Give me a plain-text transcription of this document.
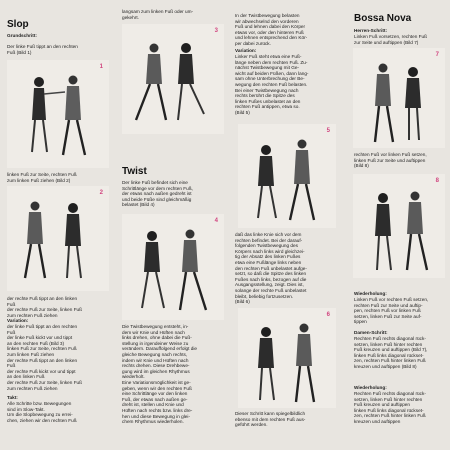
Slop
Grundschritt:
Der linke Fuß tippt an den rechten
Fuß (Bild 1)
1
linken Fuß zur Seite, rechten Fuß
zum linken Fuß ziehen (Bild 2)
2
der rechte Fuß tippt an den linken
Fuß
der rechte Fuß zur Seite, linken Fuß
zum rechten Fuß ziehen
Variation:
der linke Fuß tippt an den rechten
Fuß
der linke Fuß kickt vor und tippt
an den rechten Fuß (Bild 3)
linken Fuß zur Seite, rechten Fuß
zum linken Fuß ziehen
der rechte Fuß tippt an den linken
Fuß
der rechte Fuß kickt vor und tippt
an den linken Fuß
der rechte Fuß zur Seite, linken Fuß
zum rechten Fuß ziehen
Takt:
Alle Schritte bzw. Bewegungen
sind im Slow-Takt.
Um die Slopbewegung zu errei-
chen, ziehen wir den rechten Fuß
langsam zum linken Fuß oder um-
gekehrt.
3
Twist
Der linke Fuß befindet sich eine
Schrittlänge vor dem rechten Fuß,
der etwas nach außen gedreht ist
und beide Füße sind gleichmäßig
belastet (Bild 4)
4
Die Twistbewegung entsteht, in-
dem wir Knie und Hüften nach
links drehen, ohne dabei die Fuß-
stellung in irgendeiner Weise zu
verändern. Darauffolgend erfolgt die
gleiche Bewegung nach rechts,
indem wir Knie und Hüften nach
rechts drehen. Diese Drehbewe-
gung wird im gleichen Rhythmus
wiederholt.
Eine Variationsmöglichkeit ist ge-
geben, wenn wir den rechten Fuß
eine Schrittlänge vor den linken
Fuß, der etwas nach außen ge-
dreht ist, stellen und Knie und
Hüften nach rechts bzw. links dre-
hen und diese Bewegung in glei-
chem Rhythmus wiederholen.
In der Twistbewegung belasten
wir abwechselnd den vorderen
Fuß und lehnen dabei den Körper
etwas vor, oder den hinteren Fuß
und lehnen entsprechend den Kör-
per dabei zurück.
Variation:
Linker Fuß steht etwa eine Fuß-
länge neben dem rechten Fuß. Zu-
nächst Twistbewegung mit Ge-
wicht auf beiden Füßen, dann lang-
sam ohne Unterbrechung der Be-
wegung den rechten Fuß belasten.
Bei einer Twistbewegung nach
rechts berührt die Spitze des
linken Fußes unbelastet an den
rechten Fuß antippen, etwa so.
(Bild 5)
5
daß das linke Knie sich vor dem
rechten befindet. Bei der darauf-
folgenden Twistbewegung des
Körpers nach links wird gleichzei-
tig der Absatz des linken Fußes
etwa eine Fußlänge links neben
den rechten Fuß unbelastet aufge-
setzt, so daß die Spitze des linken
Fußes nach links, bezogen auf die
Ausgangsstellung, zeigt. Dies ist,
solange der rechte Fuß unbelastet
bleibt, beliebig fortzusetzen.
(Bild 6)
6
Dieser Schritt kann spiegelbildlich
ebenso mit dem rechten Fuß aus-
geführt werden.
Bossa Nova
Herren-Schritt:
Linken Fuß vorsetzen, rechten Fuß
zur Seite und auftippen (Bild 7)
7
rechten Fuß vor linken Fuß setzen,
linken Fuß zur Seite und auftippen
(Bild 8)
8
Wiederholung:
Linken Fuß vor rechten Fuß setzen,
rechten Fuß zur Seite und auftip-
pen, rechten Fuß vor linken Fuß
setzen, linken Fuß zur Seite auf-
tippen
Damen-Schritt:
Rechten Fuß rechts diagonal rück-
setzen, linken Fuß hinter rechten
Fuß kreuzen und auftippen (Bild 7),
linken Fuß links diagonal rückset-
zen, rechten Fuß hinter linken Fuß
kreuzen und auftippen (Bild 8)
Wiederholung:
Rechten Fuß rechts diagonal rück-
setzen, linken Fuß hinter rechten
Fuß kreuzen und auftippen
linken Fuß links diagonal rückset-
zen, rechten Fuß hinter linken Fuß
kreuzen und auftippen
